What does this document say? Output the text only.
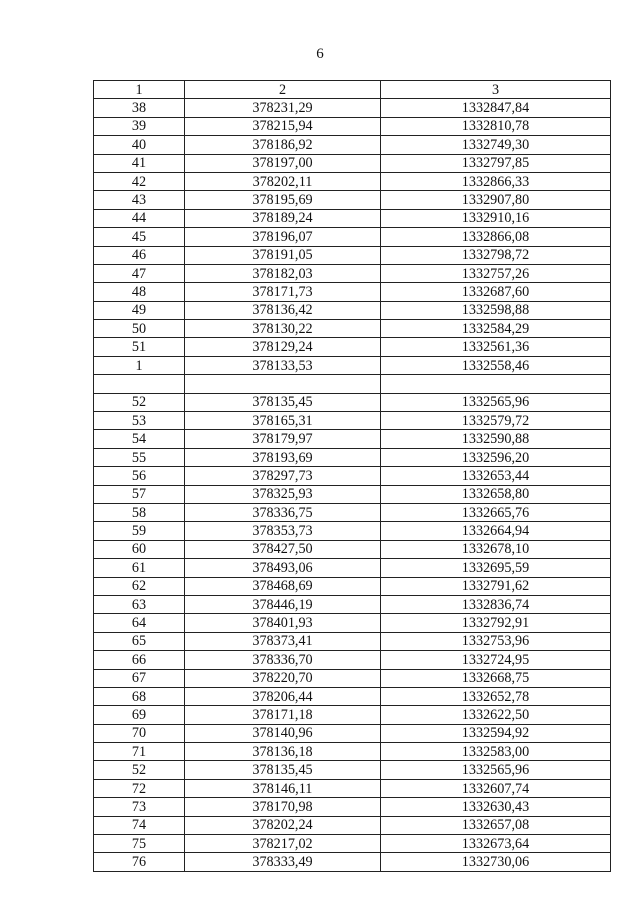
6
1	2	3
38	378231,29	1332847,84
39	378215,94	1332810,78
40	378186,92	1332749,30
41	378197,00	1332797,85
42	378202,11	1332866,33
43	378195,69	1332907,80
44	378189,24	1332910,16
45	378196,07	1332866,08
46	378191,05	1332798,72
47	378182,03	1332757,26
48	378171,73	1332687,60
49	378136,42	1332598,88
50	378130,22	1332584,29
51	378129,24	1332561,36
1	378133,53	1332558,46

52	378135,45	1332565,96
53	378165,31	1332579,72
54	378179,97	1332590,88
55	378193,69	1332596,20
56	378297,73	1332653,44
57	378325,93	1332658,80
58	378336,75	1332665,76
59	378353,73	1332664,94
60	378427,50	1332678,10
61	378493,06	1332695,59
62	378468,69	1332791,62
63	378446,19	1332836,74
64	378401,93	1332792,91
65	378373,41	1332753,96
66	378336,70	1332724,95
67	378220,70	1332668,75
68	378206,44	1332652,78
69	378171,18	1332622,50
70	378140,96	1332594,92
71	378136,18	1332583,00
52	378135,45	1332565,96
72	378146,11	1332607,74
73	378170,98	1332630,43
74	378202,24	1332657,08
75	378217,02	1332673,64
76	378333,49	1332730,06
